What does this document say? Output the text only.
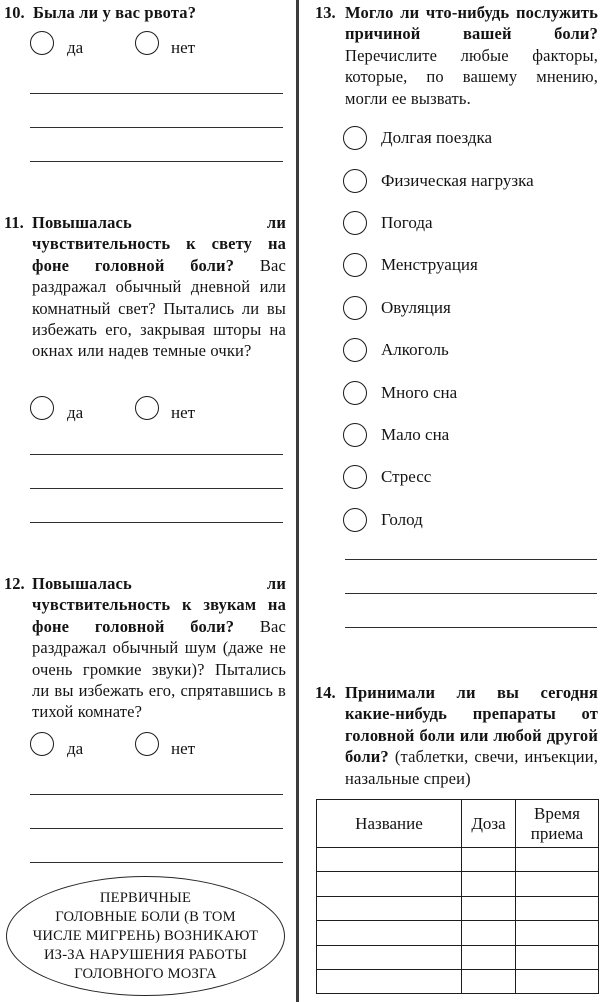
10. Была ли у вас рвота?

да	нет
11. Повышалась ли чувствительность к свету на фоне головной боли? Вас раздражал обычный дневной или комнатный свет? Пытались ли вы избежать его, закрывая шторы на окнах или надев темные очки?

да	нет
12. Повышалась ли чувствительность к звукам на фоне головной боли? Вас раздражал обычный шум (даже не очень громкие звуки)? Пытались ли вы избежать его, спрятавшись в тихой комнате?

да	нет
ПЕРВИЧНЫЕ
ГОЛОВНЫЕ БОЛИ (В ТОМ
ЧИСЛЕ МИГРЕНЬ) ВОЗНИКАЮТ
ИЗ-ЗА НАРУШЕНИЯ РАБОТЫ
ГОЛОВНОГО МОЗГА
13. Могло ли что-нибудь послужить причиной вашей боли? Перечислите любые факторы, которые, по вашему мнению, могли ее вызвать.

Долгая поездка
Физическая нагрузка
Погода
Менструация
Овуляция
Алкоголь
Много сна
Мало сна
Стресс
Голод
14. Принимали ли вы сегодня какие-нибудь препараты от головной боли или любой другой боли? (таблетки, свечи, инъекции, назальные спреи)

Название	Доза	Время приема
